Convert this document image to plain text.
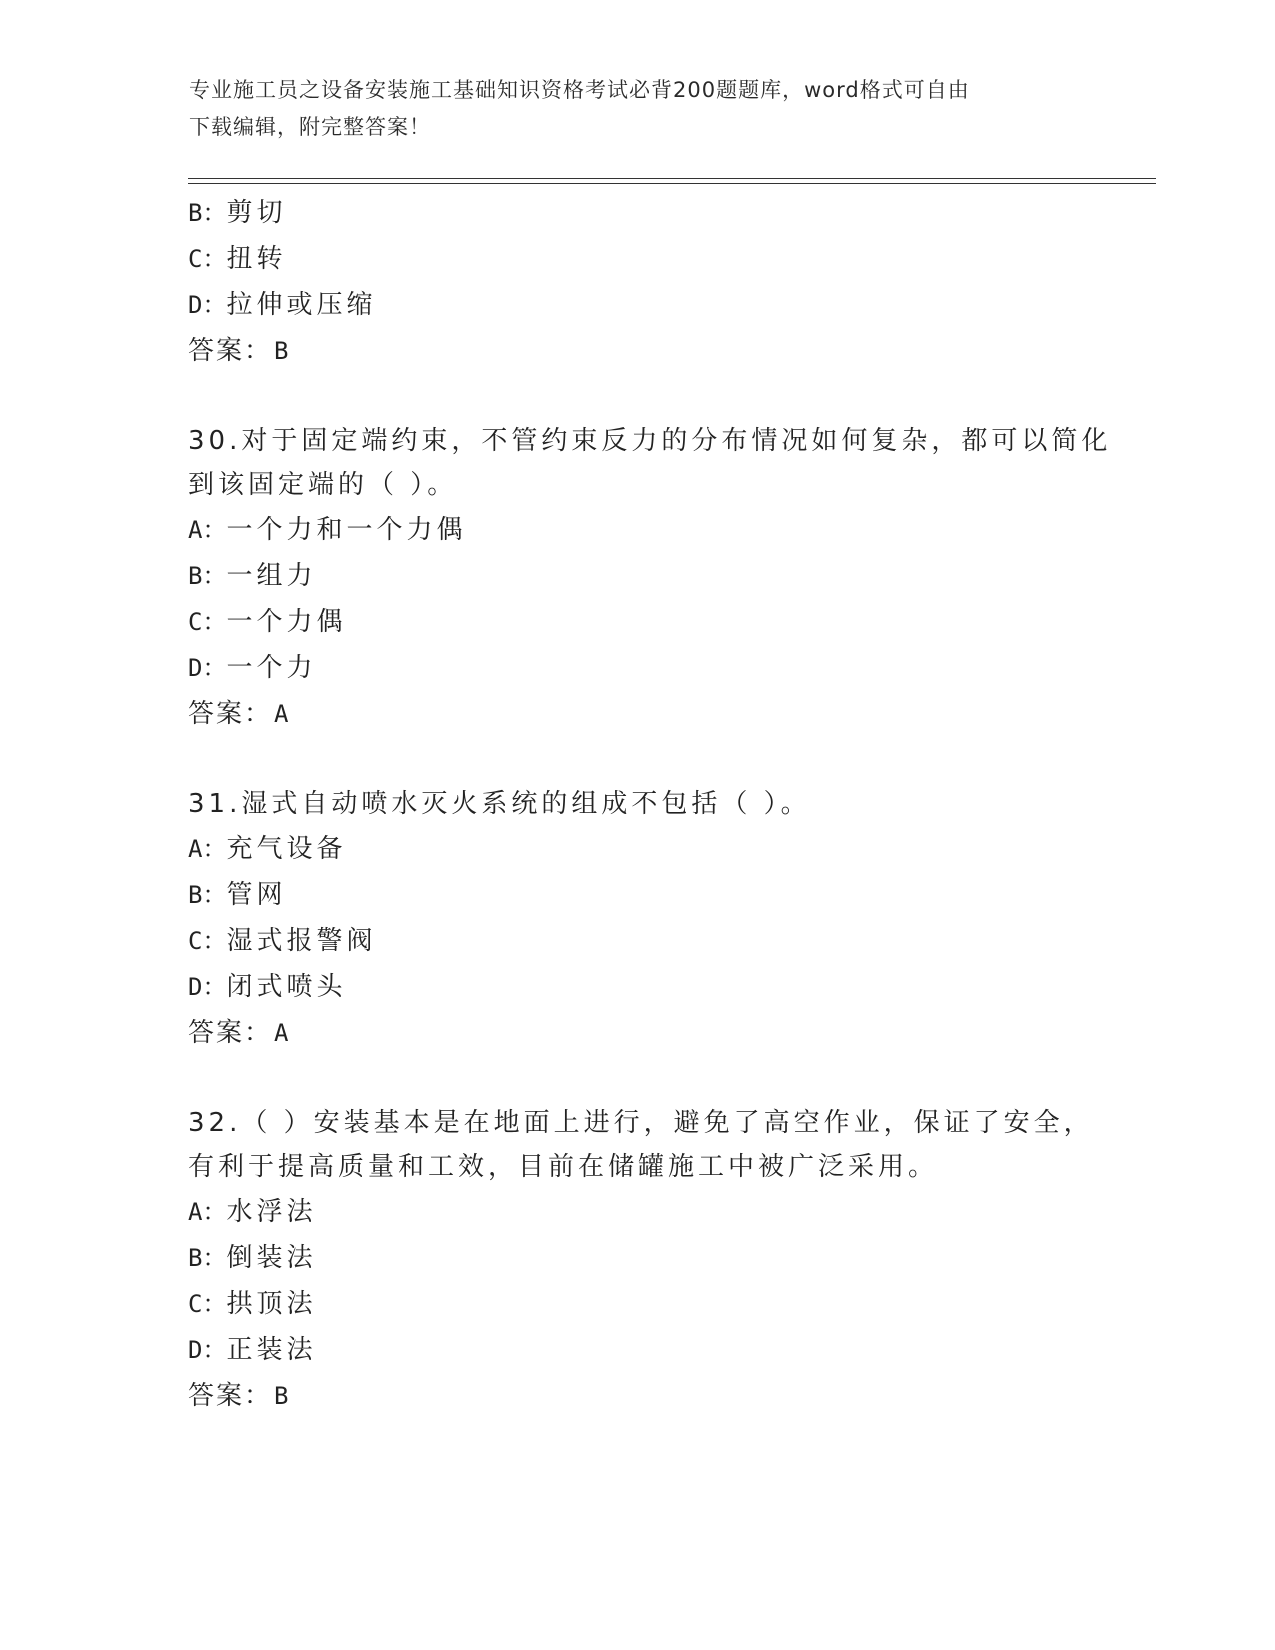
专业施工员之设备安装施工基础知识资格考试必背200题题库，word格式可自由
下载编辑，附完整答案！
B：剪切
C：扭转
D：拉伸或压缩
答案：B
30.对于固定端约束，不管约束反力的分布情况如何复杂，都可以简化
到该固定端的（ ）。
A：一个力和一个力偶
B：一组力
C：一个力偶
D：一个力
答案：A
31.湿式自动喷水灭火系统的组成不包括（ ）。
A：充气设备
B：管网
C：湿式报警阀
D：闭式喷头
答案：A
32.（ ）安装基本是在地面上进行，避免了高空作业，保证了安全，
有利于提高质量和工效，目前在储罐施工中被广泛采用。
A：水浮法
B：倒装法
C：拱顶法
D：正装法
答案：B
